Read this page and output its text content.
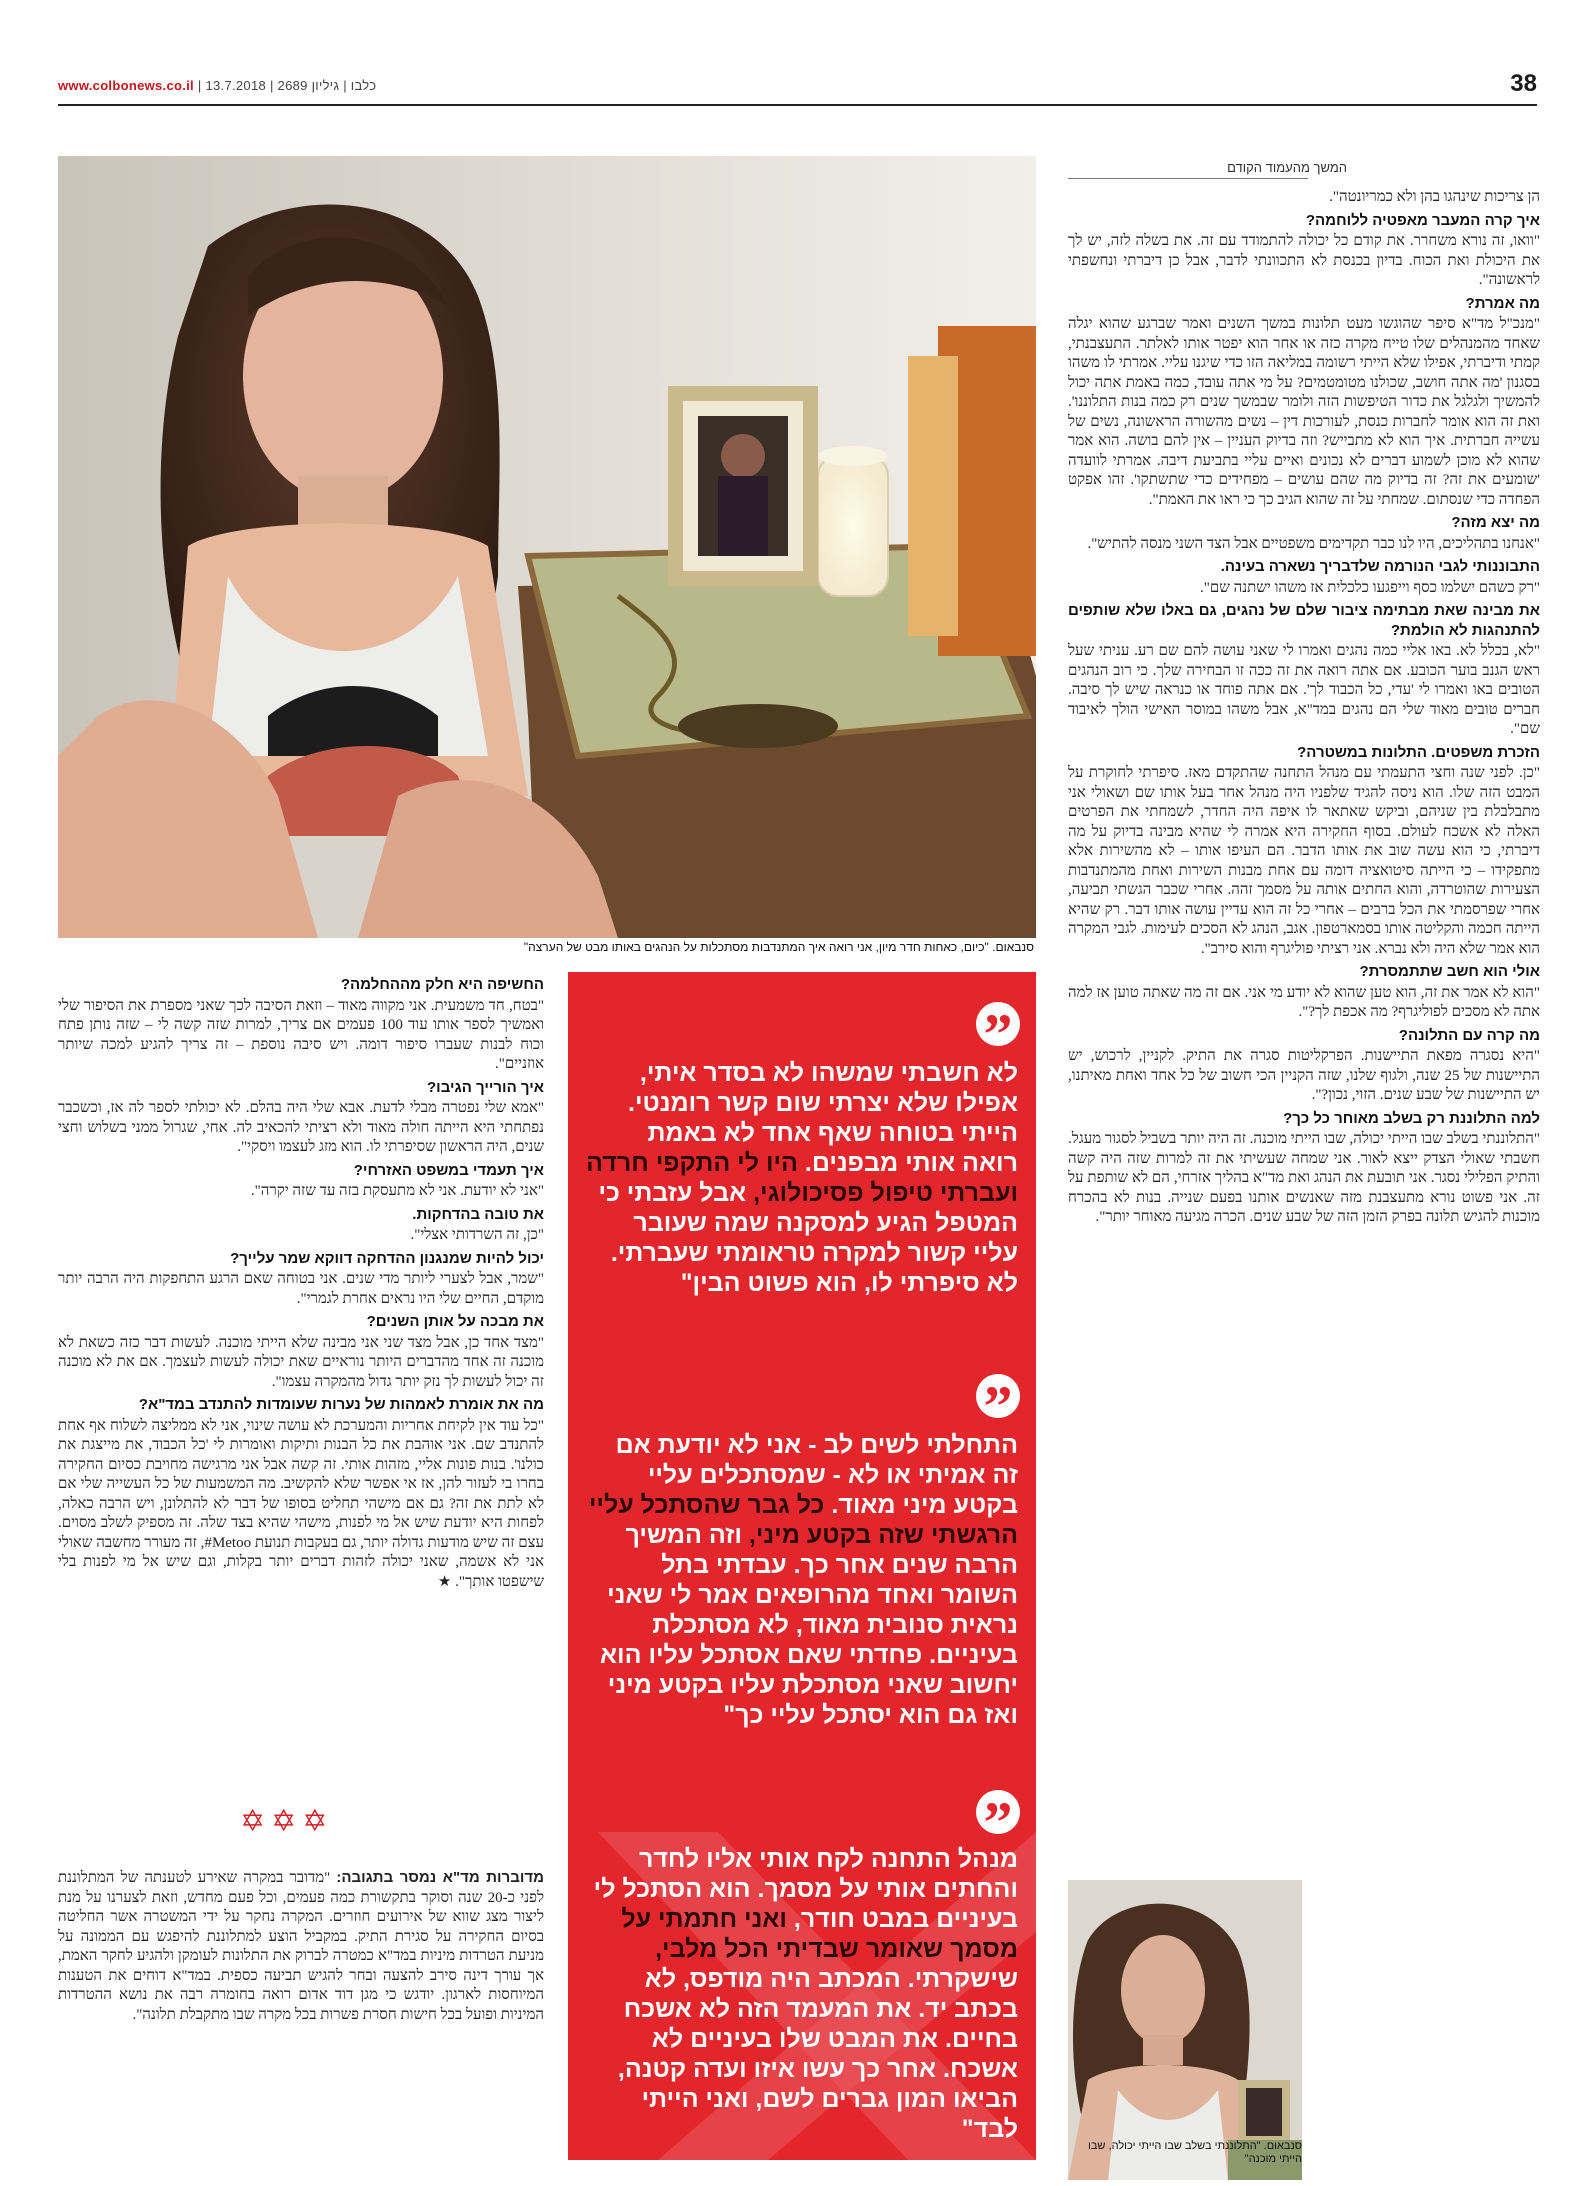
www.colbonews.co.il | כלבו | גיליון 2689 | 13.7.2018	38
המשך מהעמוד הקודם
סנבאום. "כיום, כאחות חדר מיון, אני רואה איך המתנדבות מסתכלות על הנהגים באותו מבט של הערצה"

הן צריכות שינהגו בהן ולא כמריונטה".

איך קרה המעבר מאפטיה ללוחמה?

"וואו, זה נורא משחרר. את קודם כל יכולה להתמודד עם זה. את בשלה לזה, יש לך את היכולת ואת הכוח. בדיון בכנסת לא התכוונתי לדבר, אבל כן דיברתי ונחשפתי לראשונה".

מה אמרת?

"מנכ"ל מד"א סיפר שהוגשו מעט תלונות במשך השנים ואמר שברגע שהוא יגלה שאחד מהמנהלים שלו טייח מקרה כזה או אחר הוא יפטר אותו לאלתר. התעצבנתי, קמתי ודיברתי, אפילו שלא הייתי רשומה במליאה הזו כדי שיגנו עליי. אמרתי לו משהו בסגנון 'מה אתה חושב, שכולנו מטומטמים? על מי אתה עובד, כמה באמת אתה יכול להמשיך ולגלגל את כדור הטיפשות הזה ולומר שבמשך שנים רק כמה בנות התלוננו'. ואת זה הוא אומר לחברות כנסת, לעורכות דין – נשים מהשורה הראשונה, נשים של עשייה חברתית. איך הוא לא מתבייש? וזה בדיוק העניין – אין להם בושה. הוא אמר שהוא לא מוכן לשמוע דברים לא נכונים ואיים עליי בתביעת דיבה. אמרתי לוועדה 'שומעים את זה? זה בדיוק מה שהם עושים – מפחידים כדי שתשתקו'. זהו אפקט הפחדה כדי שנסתום. שמחתי על זה שהוא הגיב כך כי ראו את האמת".

מה יצא מזה?

"אנחנו בתהליכים, היו לנו כבר תקדימים משפטיים אבל הצד השני מנסה להתיש".

התבוננותי לגבי הנורמה שלדבריך נשארה בעינה.

"רק כשהם ישלמו כסף וייפגעו כלכלית אז משהו ישתנה שם".

את מבינה שאת מבתימה ציבור שלם של נהגים, גם באלו שלא שותפים להתנהגות לא הולמת?

"לא, בכלל לא. באו אליי כמה נהגים ואמרו לי שאני עושה להם שם רע. עניתי שעל ראש הגנב בוער הכובע. אם אתה רואה את זה ככה זו הבחירה שלך. כי רוב הנהגים הטובים באו ואמרו לי 'עדי, כל הכבוד לך'. אם אתה פוחד או כנראה שיש לך סיבה. חברים טובים מאוד שלי הם נהגים במד"א, אבל משהו במוסר האישי הולך לאיבוד שם".

הזכרת משפטים. התלונות במשטרה?

"כן. לפני שנה וחצי התעמתי עם מנהל התחנה שהתקדם מאז. סיפרתי לחוקרת על המבט הזה שלו. הוא ניסה להגיד שלפניו היה מנהל אחר בעל אותו שם ושאולי אני מתבלבלת בין שניהם, וביקש שאתאר לו איפה היה החדר, לשמחתי את הפרטים האלה לא אשכח לעולם. בסוף החקירה היא אמרה לי שהיא מבינה בדיוק על מה דיברתי, כי הוא עשה שוב את אותו הדבר. הם העיפו אותו – לא מהשירות אלא מתפקידו – כי הייתה סיטואציה דומה עם אחת מבנות השירות ואחת מהמתנדבות הצעירות שהוטרדה, והוא החתים אותה על מסמך זהה. אחרי שכבר הגשתי תביעה, אחרי שפרסמתי את הכל ברבים – אחרי כל זה הוא עדיין עושה אותו דבר. רק שהיא הייתה חכמה והקליטה אותו בסמארטפון. אגב, הנהג לא הסכים לעימות. לגבי המקרה הוא אמר שלא היה ולא נברא. אני רציתי פוליגרף והוא סירב".

אולי הוא חשב שתתמסרת?

"הוא לא אמר את זה, הוא טען שהוא לא יודע מי אני. אם זה מה שאתה טוען אז למה אתה לא מסכים לפוליגרף? מה אכפת לך?".

מה קרה עם התלונה?

"היא נסגרה מפאת התיישנות. הפרקליטות סגרה את התיק. לקניין, לרכוש, יש התיישנות של 25 שנה, ולגוף שלנו, שזה הקניין הכי חשוב של כל אחד ואחת מאיתנו, יש התיישנות של שבע שנים. הזוי, נכון?".

למה התלוננת רק בשלב מאוחר כל כך?

"התלוננתי בשלב שבו הייתי יכולה, שבו הייתי מוכנה. זה היה יותר בשביל לסגור מעגל. חשבתי שאולי הצדק ייצא לאור. אני שמחה שעשיתי את זה למרות שזה היה קשה והתיק הפלילי נסגר. אני תובעת את הנהג ואת מד"א בהליך אזרחי, הם לא שותפת על זה. אני פשוט נורא מתעצבנת מזה שאנשים אותנו בפעם שנייה. בנות לא בהכרח מוכנות להגיש תלונה בפרק הזמן הזה של שבע שנים. הכרה מגיעה מאוחר יותר".

”
לא חשבתי שמשהו לא בסדר איתי, אפילו שלא יצרתי שום קשר רומנטי. הייתי בטוחה שאף אחד לא באמת רואה אותי מבפנים. היו לי התקפי חרדה ועברתי טיפול פסיכולוגי, אבל עזבתי כי המטפל הגיע למסקנה שמה שעובר עליי קשור למקרה טראומתי שעברתי. לא סיפרתי לו, הוא פשוט הבין"
”
התחלתי לשים לב - אני לא יודעת אם זה אמיתי או לא - שמסתכלים עליי בקטע מיני מאוד. כל גבר שהסתכל עליי הרגשתי שזה בקטע מיני, וזה המשיך הרבה שנים אחר כך. עבדתי בתל השומר ואחד מהרופאים אמר לי שאני נראית סנובית מאוד, לא מסתכלת בעיניים. פחדתי שאם אסתכל עליו הוא יחשוב שאני מסתכלת עליו בקטע מיני ואז גם הוא יסתכל עליי כך"
”
מנהל התחנה לקח אותי אליו לחדר והחתים אותי על מסמך. הוא הסתכל לי בעיניים במבט חודר, ואני חתמתי על מסמך שאומר שבדיתי הכל מלבי, שישקרתי. המכתב היה מודפס, לא בכתב יד. את המעמד הזה לא אשכח בחיים. את המבט שלו בעיניים לא אשכח. אחר כך עשו איזו ועדה קטנה, הביאו המון גברים לשם, ואני הייתי לבד"

החשיפה היא חלק מההחלמה?

"בטח, חד משמעית. אני מקווה מאוד – וזאת הסיבה לכך שאני מספרת את הסיפור שלי ואמשיך לספר אותו עוד 100 פעמים אם צריך, למרות שזה קשה לי – שזה נותן פתח וכוח לבנות שעברו סיפור דומה. ויש סיבה נוספת – זה צריך להגיע למכה שיותר אוזניים".

איך הורייך הגיבו?

"אמא שלי נפטרה מבלי לדעת. אבא שלי היה בהלם. לא יכולתי לספר לה אז, וכשכבר נפתחתי היא הייתה חולה מאוד ולא רציתי להכאיב לה. אחי, שגרול ממני בשלוש וחצי שנים, היה הראשון שסיפרתי לו. הוא מזג לעצמו ויסקי".

איך תעמדי במשפט האזרחי?

"אני לא יודעת. אני לא מתעסקת בזה עד שזה יקרה".

את טובה בהדחקות.

"כן, זה השרדותי אצלי".

יכול להיות שמנגנון ההדחקה דווקא שמר עלייך?

"שמר, אבל לצערי ליותר מדי שנים. אני בטוחה שאם הרגע התחפקות היה הרבה יותר מוקדם, החיים שלי היו נראים אחרת לגמרי".

את מבכה על אותן השנים?

"מצד אחד כן, אבל מצד שני אני מבינה שלא הייתי מוכנה. לעשות דבר כזה כשאת לא מוכנה זה אחד מהדברים היותר נוראיים שאת יכולה לעשות לעצמך. אם את לא מוכנה זה יכול לעשות לך נזק יותר גדול מהמקרה עצמו".

מה את אומרת לאמהות של נערות שעומדות להתנדב במד"א?

"כל עוד אין לקיחת אחריות והמערכת לא עושה שינוי, אני לא ממליצה לשלוח אף אחת להתנדב שם. אני אוהבת את כל הבנות ותיקות ואומרות לי 'כל הכבוד, את מייצגת את כולנו'. בנות פונות אליי, מזהות אותי. זה קשה אבל אני מרגישה מחויבת כסיום החקירה בחרו בי לעזור להן, אז אי אפשר שלא להקשיב. מה המשמעות של כל העשייה שלי אם לא לתת את זה? גם אם מישהי תחליט בסופו של דבר לא להתלונן, ויש הרבה כאלה, לפחות היא יודעת שיש אל מי לפנות, מישהי שהיא בצד שלה. זה מספיק לשלב מסוים. עצם זה שיש מודעות גדולה יותר, גם בעקבות תנועת Metoo#, זה מעורר מחשבה שאולי אני לא אשמה, שאני יכולה לזהות דברים יותר בקלות, וגם שיש אל מי לפנות בלי שישפטו אותך". ★

✡✡✡

מדוברות מד"א נמסר בתגובה: "מדובר במקרה שאירע לטענתה של המתלוננת לפני כ-20 שנה וסוקר בתקשורת כמה פעמים, וכל פעם מחדש, וזאת לצערנו על מנת ליצור מצג שווא של אירועים חוזרים. המקרה נחקר על ידי המשטרה אשר החליטה בסיום החקירה על סגירת התיק. במקביל הוצע למתלוננת להיפגש עם הממונה על מניעת הטרדות מיניות במד"א כמטרה לברוק את התלונות לעומקן ולהגיע לחקר האמת, אך עורך דינה סירב להצעה ובחר להגיש תביעה כספית. במד"א דוחים את הטענות המיוחסות לארגון. יודגש כי מגן דוד אדום רואה בחומרה רבה את נושא ההטרדות המיניות ופועל בכל חישות חסרת פשרות בכל מקרה שבו מתקבלת תלונה".

סנבאום. "התלוננתי בשלב שבו הייתי יכולה, שבו הייתי מוכנה"
